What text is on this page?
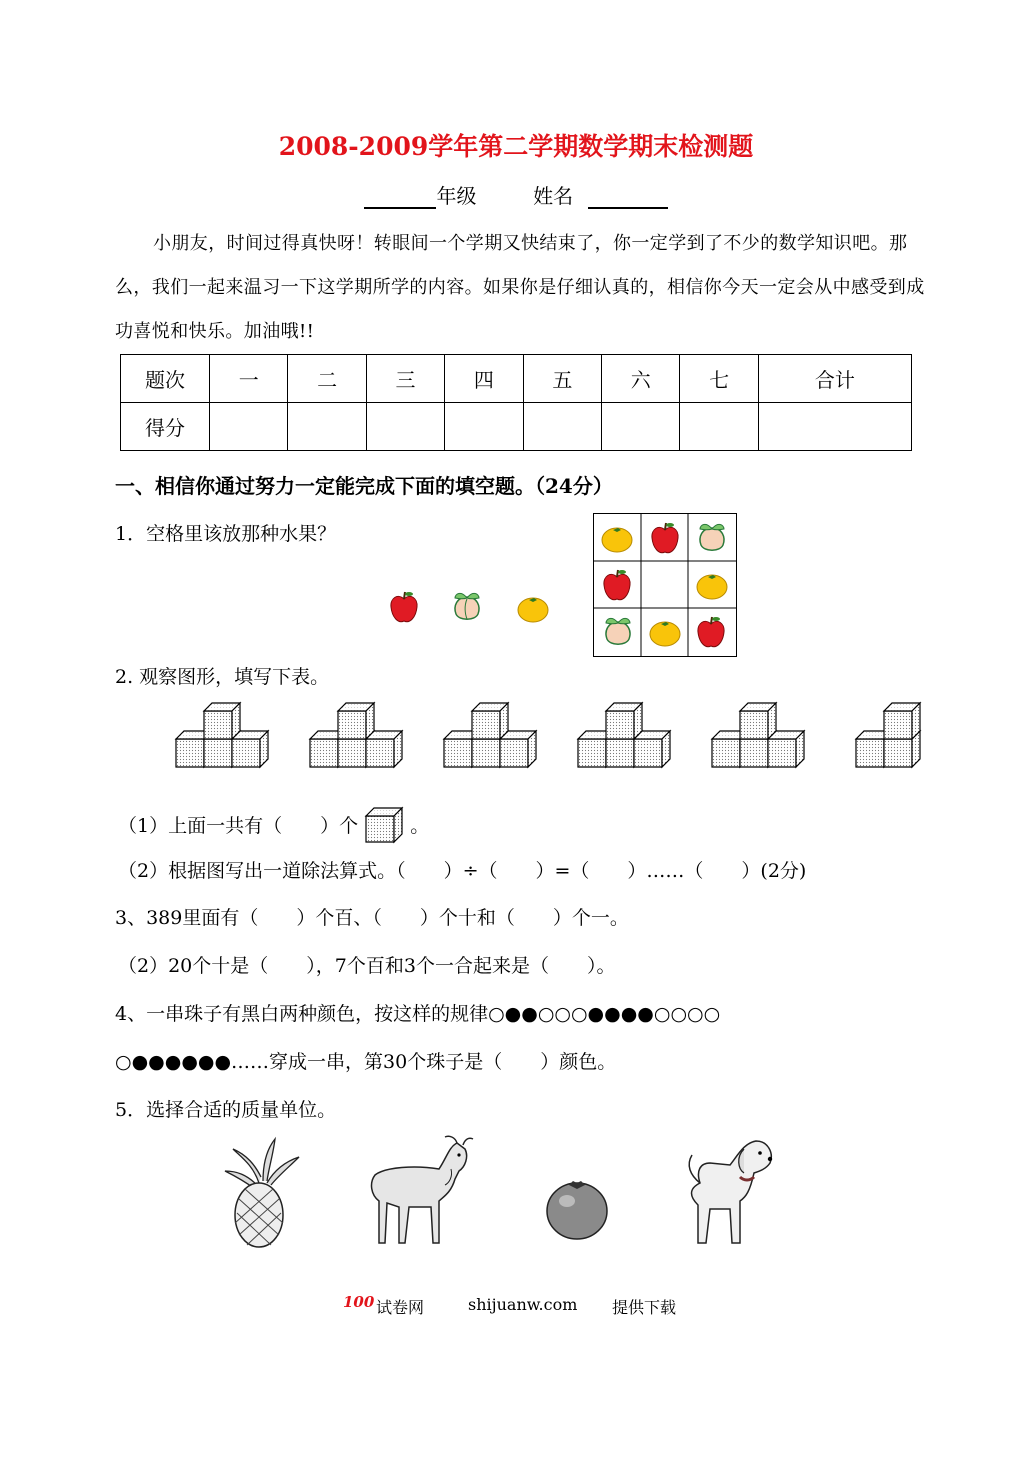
2008-2009学年第二学期数学期末检测题
年级	姓名
小朋友，时间过得真快呀！转眼间一个学期又快结束了，你一定学到了不少的数学知识吧。那么，我们一起来温习一下这学期所学的内容。如果你是仔细认真的，相信你今天一定会从中感受到成功喜悦和快乐。加油哦!!
题次	一	二	三	四	五	六	七	合计
得分								
一、相信你通过努力一定能完成下面的填空题。（24分）
1．空格里该放那种水果？
2. 观察图形，填写下表。
（1）上面一共有（　　）个	。
（2）根据图写出一道除法算式。（　　）÷（　　）=（　　）……（　　）(2分)
3、389里面有（　　）个百、（　　）个十和（　　）个一。
（2）20个十是（　　），7个百和3个一合起来是（　　）。
4、一串珠子有黑白两种颜色，按这样的规律○●●○○○●●●●○○○○
○●●●●●●……穿成一串，第30个珠子是（　　）颜色。
5．选择合适的质量单位。
100 试卷网	shijuanw.com 提供下载
